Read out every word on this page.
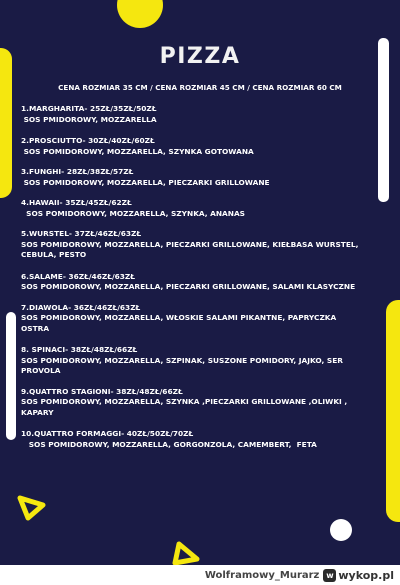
PIZZA
CENA ROZMIAR 35 CM / CENA ROZMIAR 45 CM / CENA ROZMIAR 60 CM
1.MARGHARITA- 25ZŁ/35ZŁ/50ZŁ
SOS PMIDOROWY, MOZZARELLA
2.PROSCIUTTO- 30ZŁ/40ZŁ/60ZŁ
SOS POMIDOROWY, MOZZARELLA, SZYNKA GOTOWANA
3.FUNGHI- 28ZŁ/38ZŁ/57ZŁ
SOS POMIDOROWY, MOZZARELLA, PIECZARKI GRILLOWANE
4.HAWAII- 35ZŁ/45ZŁ/62ZŁ
SOS POMIDOROWY, MOZZARELLA, SZYNKA, ANANAS
5.WURSTEL- 37ZŁ/46ZŁ/63ZŁ
SOS POMIDOROWY, MOZZARELLA, PIECZARKI GRILLOWANE, KIEŁBASA WURSTEL,
CEBULA, PESTO
6.SALAME- 36ZŁ/46ZŁ/63ZŁ
SOS POMIDOROWY, MOZZARELLA, PIECZARKI GRILLOWANE, SALAMI KLASYCZNE
7.DIAWOLA- 36ZŁ/46ZŁ/63ZŁ
SOS POMIDOROWY, MOZZARELLA, WŁOSKIE SALAMI PIKANTNE, PAPRYCZKA
OSTRA
8. SPINACI- 38ZŁ/48ZŁ/66ZŁ
SOS POMIDOROWY, MOZZARELLA, SZPINAK, SUSZONE POMIDORY, JAJKO, SER
PROVOLA
9.QUATTRO STAGIONI- 38ZŁ/48ZŁ/66ZŁ
SOS POMIDOROWY, MOZZARELLA, SZYNKA ,PIECZARKI GRILLOWANE ,OLIWKI ,
KAPARY
10.QUATTRO FORMAGGI- 40ZŁ/50ZŁ/70ZŁ
SOS POMIDOROWY, MOZZARELLA, GORGONZOLA, CAMEMBERT,  FETA
Wolframowy_Murarz w wykop.pl
